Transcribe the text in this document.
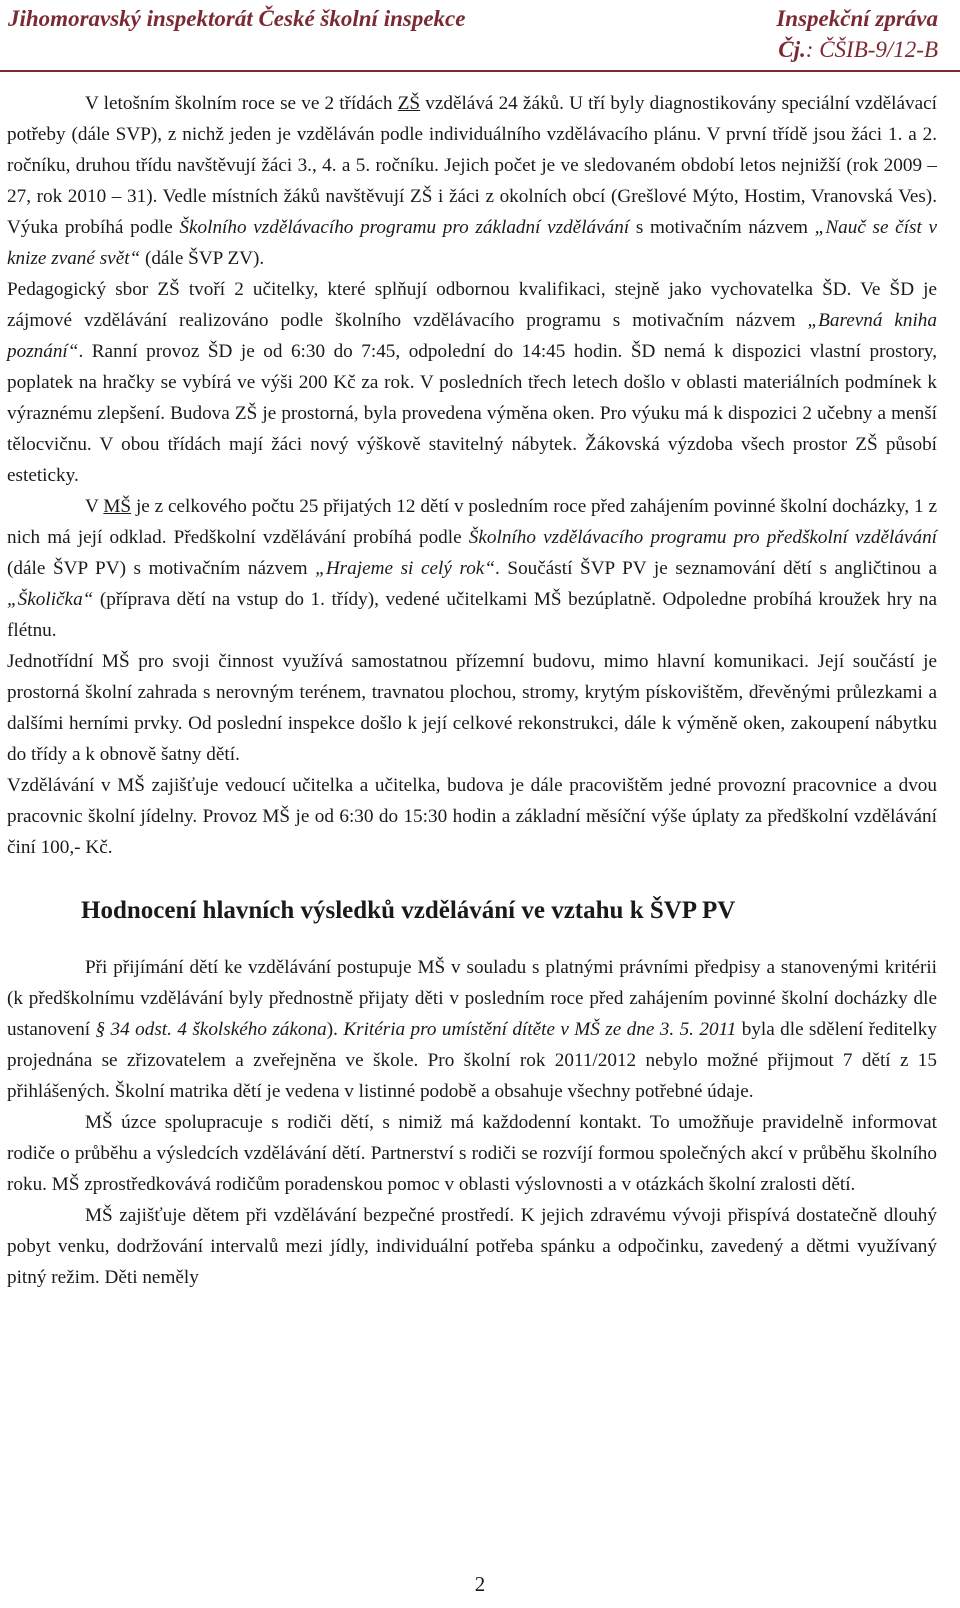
Jihomoravský inspektorát České školní inspekce	Inspekční zpráva
Čj.: ČŠIB-9/12-B

V letošním školním roce se ve 2 třídách ZŠ vzdělává 24 žáků. U tří byly diagnostikovány speciální vzdělávací potřeby (dále SVP), z nichž jeden je vzděláván podle individuálního vzdělávacího plánu. V první třídě jsou žáci 1. a 2. ročníku, druhou třídu navštěvují žáci 3., 4. a 5. ročníku. Jejich počet je ve sledovaném období letos nejnižší (rok 2009 – 27, rok 2010 – 31). Vedle místních žáků navštěvují ZŠ i žáci z okolních obcí (Grešlové Mýto, Hostim, Vranovská Ves). Výuka probíhá podle Školního vzdělávacího programu pro základní vzdělávání s motivačním názvem „Nauč se číst v knize zvané svět“ (dále ŠVP ZV).

Pedagogický sbor ZŠ tvoří 2 učitelky, které splňují odbornou kvalifikaci, stejně jako vychovatelka ŠD. Ve ŠD je zájmové vzdělávání realizováno podle školního vzdělávacího programu s motivačním názvem „Barevná kniha poznání“. Ranní provoz ŠD je od 6:30 do 7:45, odpolední do 14:45 hodin. ŠD nemá k dispozici vlastní prostory, poplatek na hračky se vybírá ve výši 200 Kč za rok. V posledních třech letech došlo v oblasti materiálních podmínek k výraznému zlepšení. Budova ZŠ je prostorná, byla provedena výměna oken. Pro výuku má k dispozici 2 učebny a menší tělocvičnu. V obou třídách mají žáci nový výškově stavitelný nábytek. Žákovská výzdoba všech prostor ZŠ působí esteticky.

V MŠ je z celkového počtu 25 přijatých 12 dětí v posledním roce před zahájením povinné školní docházky, 1 z nich má její odklad. Předškolní vzdělávání probíhá podle Školního vzdělávacího programu pro předškolní vzdělávání (dále ŠVP PV) s motivačním názvem „Hrajeme si celý rok“. Součástí ŠVP PV je seznamování dětí s angličtinou a „Školička“ (příprava dětí na vstup do 1. třídy), vedené učitelkami MŠ bezúplatně. Odpoledne probíhá kroužek hry na flétnu.

Jednotřídní MŠ pro svoji činnost využívá samostatnou přízemní budovu, mimo hlavní komunikaci. Její součástí je prostorná školní zahrada s nerovným terénem, travnatou plochou, stromy, krytým pískovištěm, dřevěnými průlezkami a dalšími herními prvky. Od poslední inspekce došlo k její celkové rekonstrukci, dále k výměně oken, zakoupení nábytku do třídy a k obnově šatny dětí.

Vzdělávání v MŠ zajišťuje vedoucí učitelka a učitelka, budova je dále pracovištěm jedné provozní pracovnice a dvou pracovnic školní jídelny. Provoz MŠ je od 6:30 do 15:30 hodin a základní měsíční výše úplaty za předškolní vzdělávání činí 100,- Kč.

Hodnocení hlavních výsledků vzdělávání ve vztahu k ŠVP PV

Při přijímání dětí ke vzdělávání postupuje MŠ v souladu s platnými právními předpisy a stanovenými kritérii (k předškolnímu vzdělávání byly přednostně přijaty děti v posledním roce před zahájením povinné školní docházky dle ustanovení § 34 odst. 4 školského zákona). Kritéria pro umístění dítěte v MŠ ze dne 3. 5. 2011 byla dle sdělení ředitelky projednána se zřizovatelem a zveřejněna ve škole. Pro školní rok 2011/2012 nebylo možné přijmout 7 dětí z 15 přihlášených. Školní matrika dětí je vedena v listinné podobě a obsahuje všechny potřebné údaje.

MŠ úzce spolupracuje s rodiči dětí, s nimiž má každodenní kontakt. To umožňuje pravidelně informovat rodiče o průběhu a výsledcích vzdělávání dětí. Partnerství s rodiči se rozvíjí formou společných akcí v průběhu školního roku. MŠ zprostředkovává rodičům poradenskou pomoc v oblasti výslovnosti a v otázkách školní zralosti dětí.

MŠ zajišťuje dětem při vzdělávání bezpečné prostředí. K jejich zdravému vývoji přispívá dostatečně dlouhý pobyt venku, dodržování intervalů mezi jídly, individuální potřeba spánku a odpočinku, zavedený a dětmi využívaný pitný režim. Děti neměly

2
